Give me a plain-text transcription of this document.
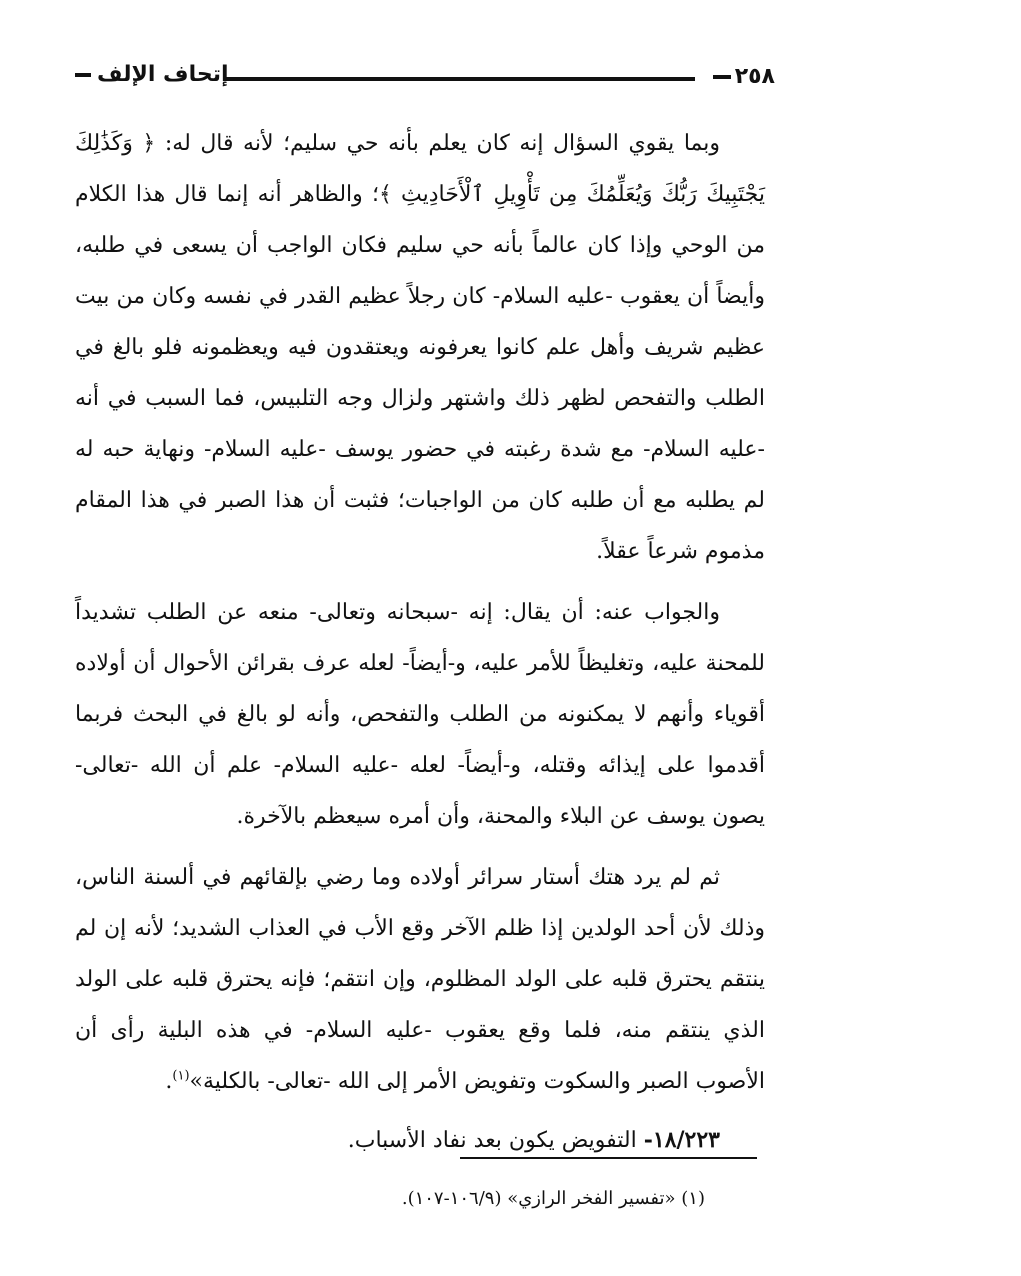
٢٥٨
إتحاف الإلف

وبما يقوي السؤال إنه كان يعلم بأنه حي سليم؛ لأنه قال له: ﴿ وَكَذَٰلِكَ يَجْتَبِيكَ رَبُّكَ وَيُعَلِّمُكَ مِن تَأْوِيلِ ٱلْأَحَادِيثِ ﴾؛ والظاهر أنه إنما قال هذا الكلام من الوحي وإذا كان عالماً بأنه حي سليم فكان الواجب أن يسعى في طلبه، وأيضاً أن يعقوب -عليه السلام- كان رجلاً عظيم القدر في نفسه وكان من بيت عظيم شريف وأهل علم كانوا يعرفونه ويعتقدون فيه ويعظمونه فلو بالغ في الطلب والتفحص لظهر ذلك واشتهر ولزال وجه التلبيس، فما السبب في أنه -عليه السلام- مع شدة رغبته في حضور يوسف -عليه السلام- ونهاية حبه له لم يطلبه مع أن طلبه كان من الواجبات؛ فثبت أن هذا الصبر في هذا المقام مذموم شرعاً عقلاً.

والجواب عنه: أن يقال: إنه -سبحانه وتعالى- منعه عن الطلب تشديداً للمحنة عليه، وتغليظاً للأمر عليه، و-أيضاً- لعله عرف بقرائن الأحوال أن أولاده أقوياء وأنهم لا يمكنونه من الطلب والتفحص، وأنه لو بالغ في البحث فربما أقدموا على إيذائه وقتله، و-أيضاً- لعله -عليه السلام- علم أن الله -تعالى- يصون يوسف عن البلاء والمحنة، وأن أمره سيعظم بالآخرة.

ثم لم يرد هتك أستار سرائر أولاده وما رضي بإلقائهم في ألسنة الناس، وذلك لأن أحد الولدين إذا ظلم الآخر وقع الأب في العذاب الشديد؛ لأنه إن لم ينتقم يحترق قلبه على الولد المظلوم، وإن انتقم؛ فإنه يحترق قلبه على الولد الذي ينتقم منه، فلما وقع يعقوب -عليه السلام- في هذه البلية رأى أن الأصوب الصبر والسكوت وتفويض الأمر إلى الله -تعالى- بالكلية»$^{(١)}$.

١٨/٢٢٣- التفويض يكون بعد نفاد الأسباب.

(١) «تفسير الفخر الرازي» (١٠٦/٩-١٠٧).
